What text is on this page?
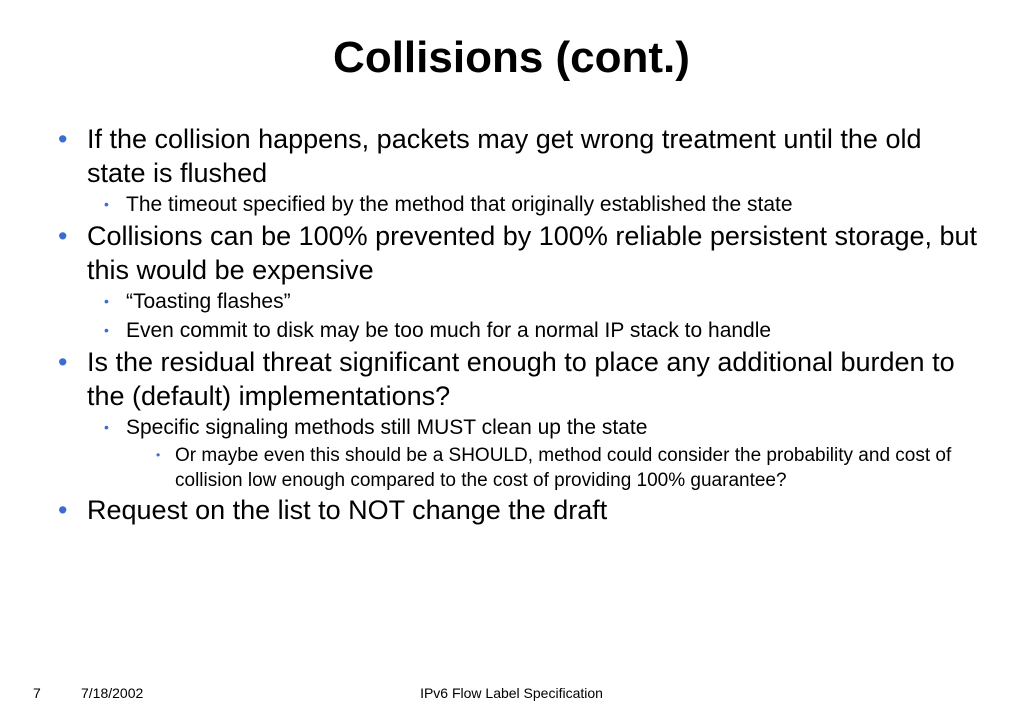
Collisions (cont.)
• If the collision happens, packets may get wrong treatment until the old state is flushed
• The timeout specified by the method that originally established the state
• Collisions can be 100% prevented by 100% reliable persistent storage, but this would be expensive
• “Toasting flashes”
• Even commit to disk may be too much for a normal IP stack to handle
• Is the residual threat significant enough to place any additional burden to the (default) implementations?
• Specific signaling methods still MUST clean up the state
• Or maybe even this should be a SHOULD, method could consider the probability and cost of collision low enough compared to the cost of providing 100% guarantee?
• Request on the list to NOT change the draft
7	7/18/2002	IPv6 Flow Label Specification
